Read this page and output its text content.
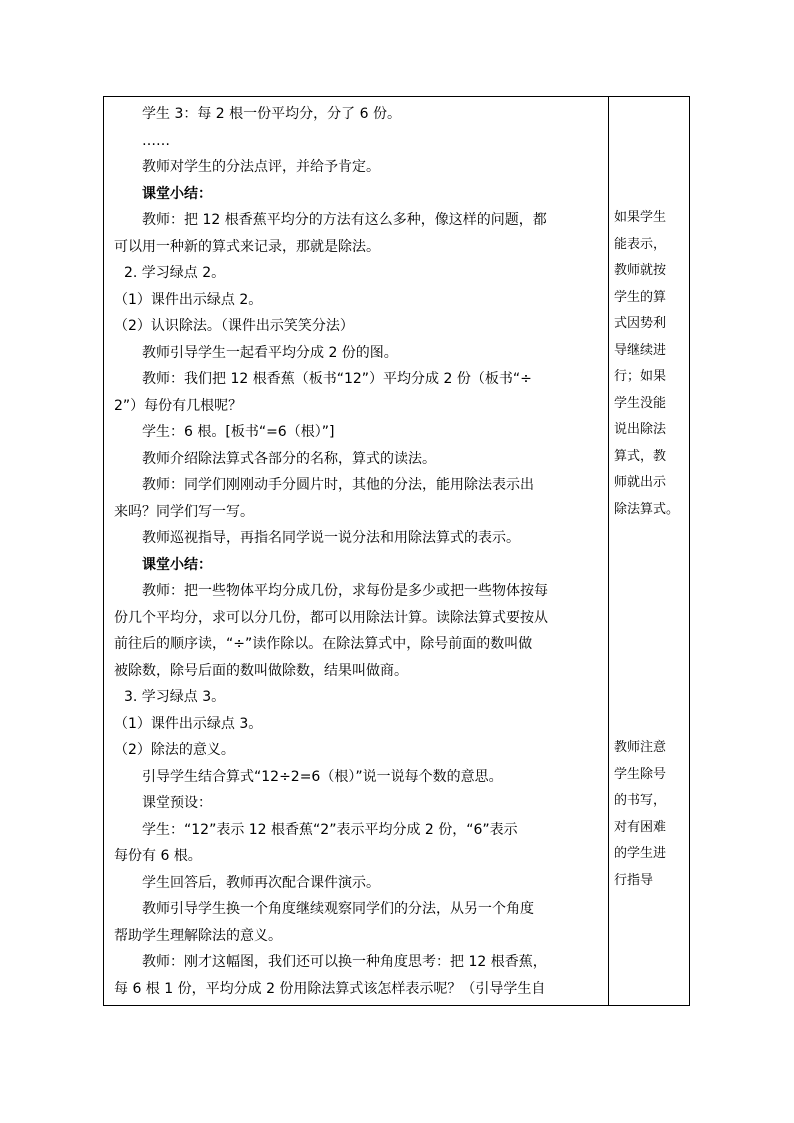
学生 3：每 2 根一份平均分，分了 6 份。
……
教师对学生的分法点评，并给予肯定。
课堂小结：
教师：把 12 根香蕉平均分的方法有这么多种，像这样的问题，都
可以用一种新的算式来记录，那就是除法。
2. 学习绿点 2。
（1）课件出示绿点 2。
（2）认识除法。（课件出示笑笑分法）
教师引导学生一起看平均分成 2 份的图。
教师：我们把 12 根香蕉（板书“12”）平均分成 2 份（板书“÷
2”）每份有几根呢？
学生：6 根。[板书“=6（根）”]
教师介绍除法算式各部分的名称，算式的读法。
教师：同学们刚刚动手分圆片时，其他的分法，能用除法表示出
来吗？同学们写一写。
教师巡视指导，再指名同学说一说分法和用除法算式的表示。
课堂小结：
教师：把一些物体平均分成几份，求每份是多少或把一些物体按每
份几个平均分，求可以分几份，都可以用除法计算。读除法算式要按从
前往后的顺序读，“÷”读作除以。在除法算式中，除号前面的数叫做
被除数，除号后面的数叫做除数，结果叫做商。
3. 学习绿点 3。
（1）课件出示绿点 3。
（2）除法的意义。
引导学生结合算式“12÷2=6（根）”说一说每个数的意思。
课堂预设：
学生：“12”表示 12 根香蕉“2”表示平均分成 2 份，“6”表示
每份有 6 根。
学生回答后，教师再次配合课件演示。
教师引导学生换一个角度继续观察同学们的分法，从另一个角度
帮助学生理解除法的意义。
教师：刚才这幅图，我们还可以换一种角度思考：把 12 根香蕉，
每 6 根 1 份，平均分成 2 份用除法算式该怎样表示呢？（引导学生自
如果学生
能表示，
教师就按
学生的算
式因势利
导继续进
行；如果
学生没能
说出除法
算式，教
师就出示
除法算式。
教师注意
学生除号
的书写，
对有困难
的学生进
行指导
